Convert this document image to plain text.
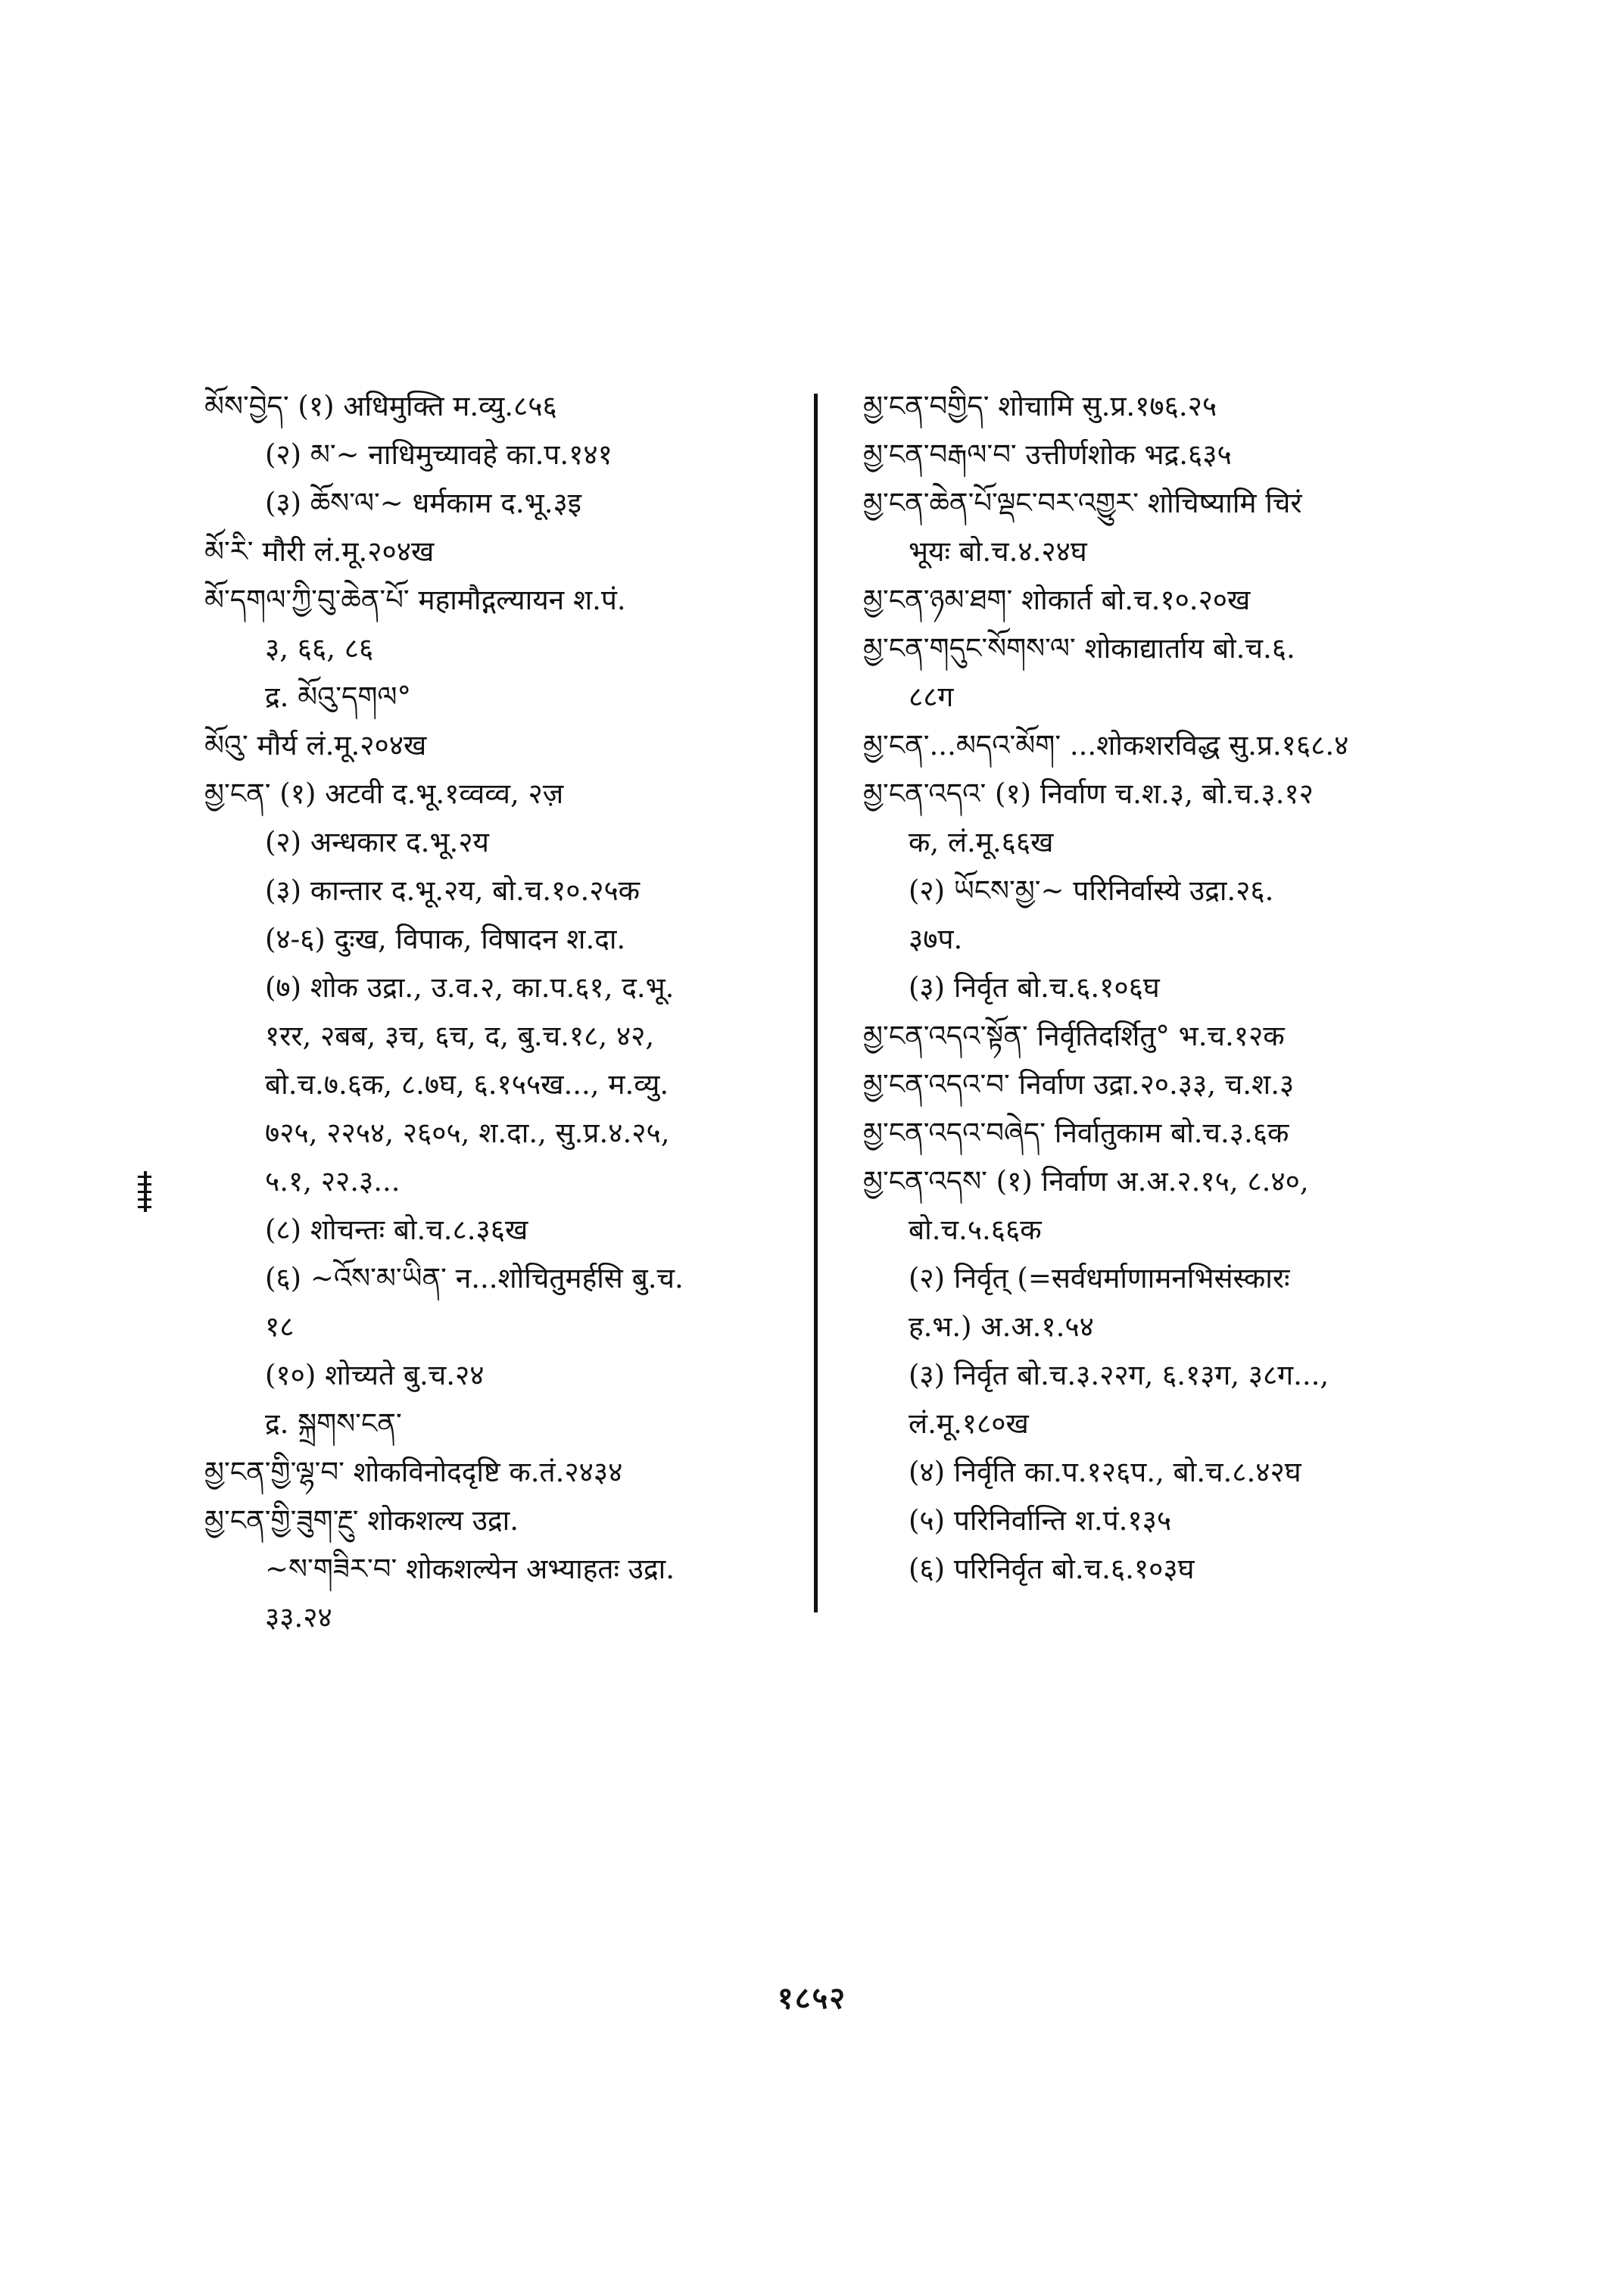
མོས་བྱེད་ (१) अधिमुक्ति म.व्यु.८५६
(२) མ་~ नाधिमुच्यावहे का.प.१४१
(३) ཆོས་ལ་~ धर्मकाम द.भू.३इ
མོ་རི་ मौरी लं.मू.२०४ख
མོ་དགལ་ཀྱི་བུ་ཆེན་པོ་ महामौद्गल्यायन श.पं.
३, ६६, ८६
द्र. མོའུ་དགལ°
མོའུ་ मौर्य लं.मू.२०४ख
མྱ་ངན་ (१) अटवी द.भू.१व्वव्व, २ज़
(२) अन्धकार द.भू.२य
(३) कान्तार द.भू.२य, बो.च.१०.२५क
(४-६) दुःख, विपाक, विषादन श.दा.
(७) शोक उद्रा., उ.व.२, का.प.६१, द.भू.
१रर, २बब, ३च, ६च, द, बु.च.१८, ४२,
बो.च.७.६क, ८.७घ, ६.१५५ख..., म.व्यु.
७२५, २२५४, २६०५, श.दा., सु.प्र.४.२५,
५.१, २२.३...
(८) शोचन्तः बो.च.८.३६ख
(६) ~འོས་མ་ཡིན་ न...शोचितुमर्हसि बु.च.
१८
(१०) शोच्यते बु.च.२४
द्र. སྐྲགས་ངན་
མྱ་ངན་གྱི་ལྷ་བ་ शोकविनोददृष्टि क.तं.२४३४
མྱ་ངན་གྱི་ཟུག་རྔུ་ शोकशल्य उद्रा.
~ས་གཟིར་བ་ शोकशल्येन अभ्याहतः उद्रा.
३३.२४
མྱ་ངན་བགྱིད་ शोचामि सु.प्र.१७६.२५
མྱ་ངན་བརྒལ་བ་ उत्तीर्णशोक भद्र.६३५
མྱ་ངན་ཆེན་པོ་ལྡང་བར་འགྱུར་ शोचिष्यामि चिरं
भूयः बो.च.४.२४घ
མྱ་ངན་ཉམ་ཐག་ शोकार्त बो.च.१०.२०ख
མྱ་ངན་གདུང་སོགས་ལ་ शोकाद्यार्ताय बो.च.६.
८८ग
མྱ་ངན་...མདའ་མོག་ ...शोकशरविद्ध सु.प्र.१६८.४
མྱ་ངན་འདའ་ (१) निर्वाण च.श.३, बो.च.३.१२
क, लं.मू.६६ख
(२) ཡོངས་མྱ་~ परिनिर्वास्ये उद्रा.२६.
३७प.
(३) निर्वृत बो.च.६.१०६घ
མྱ་ངན་འདའ་སྟོན་ निर्वृतिदर्शितु° भ.च.१२क
མྱ་ངན་འདའ་བ་ निर्वाण उद्रा.२०.३३, च.श.३
མྱ་ངན་འདའ་བཞེད་ निर्वातुकाम बो.च.३.६क
མྱ་ངན་འདས་ (१) निर्वाण अ.अ.२.१५, ८.४०,
बो.च.५.६६क
(२) निर्वृत् (=सर्वधर्माणामनभिसंस्कारः
ह.भ.) अ.अ.१.५४
(३) निर्वृत बो.च.३.२२ग, ६.१३ग, ३८ग...,
लं.मू.१८०ख
(४) निर्वृति का.प.१२६प., बो.च.८.४२घ
(५) परिनिर्वान्ति श.पं.१३५
(६) परिनिर्वृत बो.च.६.१०३घ
१८५२
